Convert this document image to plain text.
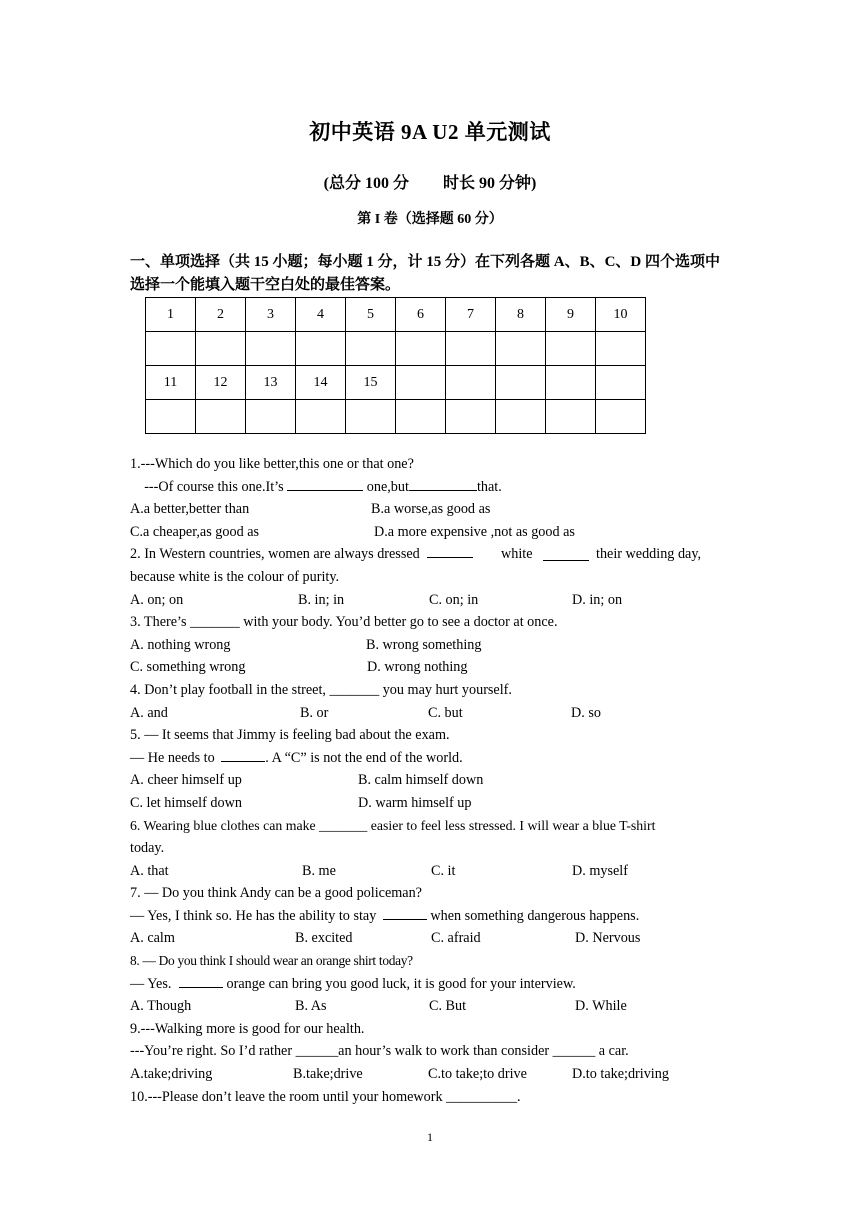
初中英语 9A U2 单元测试
(总分 100 分 时长 90 分钟)
第 I 卷（选择题 60 分）
一、单项选择（共 15 小题；每小题 1 分，计 15 分）在下列各题 A、B、C、D 四个选项中
选择一个能填入题干空白处的最佳答案。
1	2	3	4	5	6	7	8	9	10

11	12	13	14	15					

1.---Which do you like better,this one or that one?
---Of course this one.It’s	one,but	that.
A.a better,better than	B.a worse,as good as
C.a cheaper,as good as	D.a more expensive ,not as good as
2. In Western countries, women are always dressed	white	their wedding day,
because white is the colour of purity.
A. on; on	B. in; in	C. on; in	D. in; on
3. There’s _______ with your body. You’d better go to see a doctor at once.
A. nothing wrong	B. wrong something
C. something wrong	D. wrong nothing
4. Don’t play football in the street, _______ you may hurt yourself.
A. and	B. or	C. but	D. so
5. — It seems that Jimmy is feeling bad about the exam.
— He needs to	. A “C” is not the end of the world.
A. cheer himself up	B. calm himself down
C. let himself down	D. warm himself up
6. Wearing blue clothes can make _______ easier to feel less stressed. I will wear a blue T-shirt
today.
A. that	B. me	C. it	D. myself
7. — Do you think Andy can be a good policeman?
— Yes, I think so. He has the ability to stay	when something dangerous happens.
A. calm	B. excited	C. afraid	D. Nervous
8. — Do you think I should wear an orange shirt today?
— Yes.	orange can bring you good luck, it is good for your interview.
A. Though	B. As	C. But	D. While
9.---Walking more is good for our health.
---You’re right. So I’d rather ______an hour’s walk to work than consider ______ a car.
A.take;driving	B.take;drive	C.to take;to drive	D.to take;driving
10.---Please don’t leave the room until your homework __________.
1
